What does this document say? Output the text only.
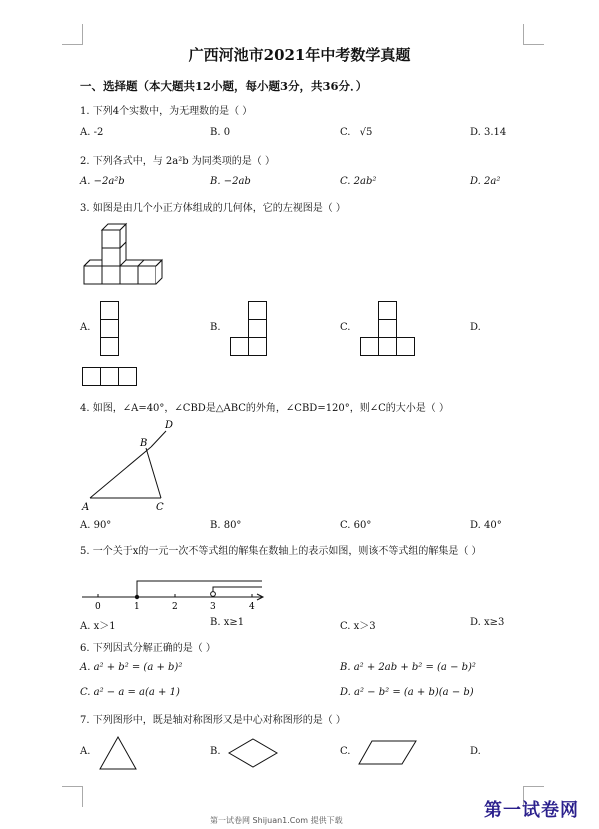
广西河池市2021年中考数学真题
一、选择题（本大题共12小题，每小题3分，共36分．）
1. 下列4个实数中，为无理数的是（ ）
A. -2	B. 0	C. √5	D. 3.14
2. 下列各式中，与 2a²b 为同类项的是（ ）
A. −2a²b	B. −2ab	C. 2ab²	D. 2a²
3. 如图是由几个小正方体组成的几何体，它的左视图是（ ）
A.	B.	C.	D.
4. 如图，∠A=40°，∠CBD是△ABC的外角，∠CBD=120°，则∠C的大小是（ ）
A
B
C
D
A. 90°	B. 80°	C. 60°	D. 40°
5. 一个关于x的一元一次不等式组的解集在数轴上的表示如图，则该不等式组的解集是（ ）
0	1	2	3	4
A. x＞1	B. x≥1	C. x＞3	D. x≥3
6. 下列因式分解正确的是（ ）
A. a² + b² = (a + b)²	B. a² + 2ab + b² = (a − b)²
C. a² − a = a(a + 1)	D. a² − b² = (a + b)(a − b)
7. 下列图形中，既是轴对称图形又是中心对称图形的是（ ）
A.	B.	C.	D.
第一试卷网 Shijuan1.Com 提供下载	第一试卷网
